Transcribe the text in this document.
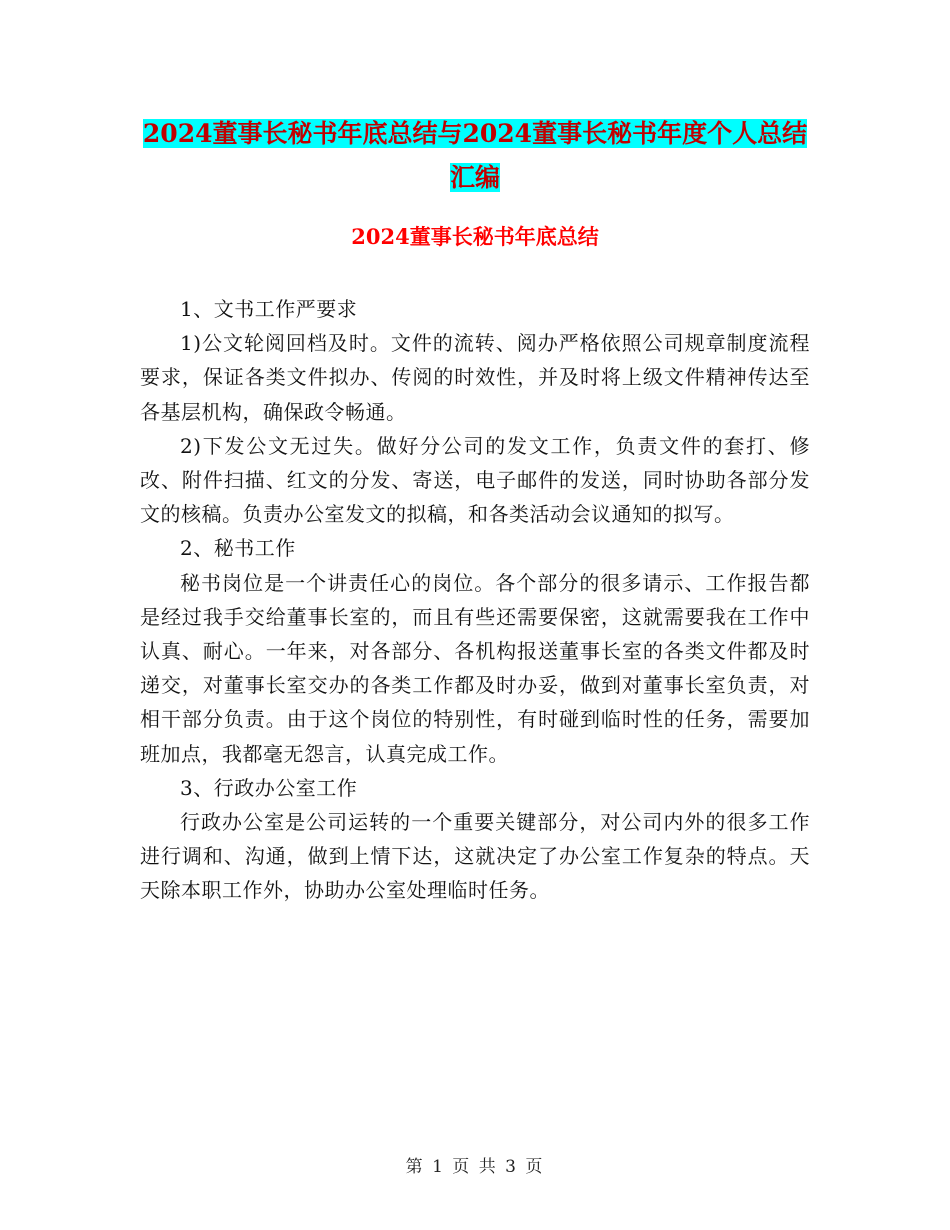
2024董事长秘书年底总结与2024董事长秘书年度个人总结汇编
2024董事长秘书年底总结

1、文书工作严要求

1)公文轮阅回档及时。文件的流转、阅办严格依照公司规章制度流程要求，保证各类文件拟办、传阅的时效性，并及时将上级文件精神传达至各基层机构，确保政令畅通。

2)下发公文无过失。做好分公司的发文工作，负责文件的套打、修改、附件扫描、红文的分发、寄送，电子邮件的发送，同时协助各部分发文的核稿。负责办公室发文的拟稿，和各类活动会议通知的拟写。

2、秘书工作

秘书岗位是一个讲责任心的岗位。各个部分的很多请示、工作报告都是经过我手交给董事长室的，而且有些还需要保密，这就需要我在工作中认真、耐心。一年来，对各部分、各机构报送董事长室的各类文件都及时递交，对董事长室交办的各类工作都及时办妥，做到对董事长室负责，对相干部分负责。由于这个岗位的特别性，有时碰到临时性的任务，需要加班加点，我都毫无怨言，认真完成工作。

3、行政办公室工作

行政办公室是公司运转的一个重要关键部分，对公司内外的很多工作进行调和、沟通，做到上情下达，这就决定了办公室工作复杂的特点。天天除本职工作外，协助办公室处理临时任务。

第 1 页 共 3 页
